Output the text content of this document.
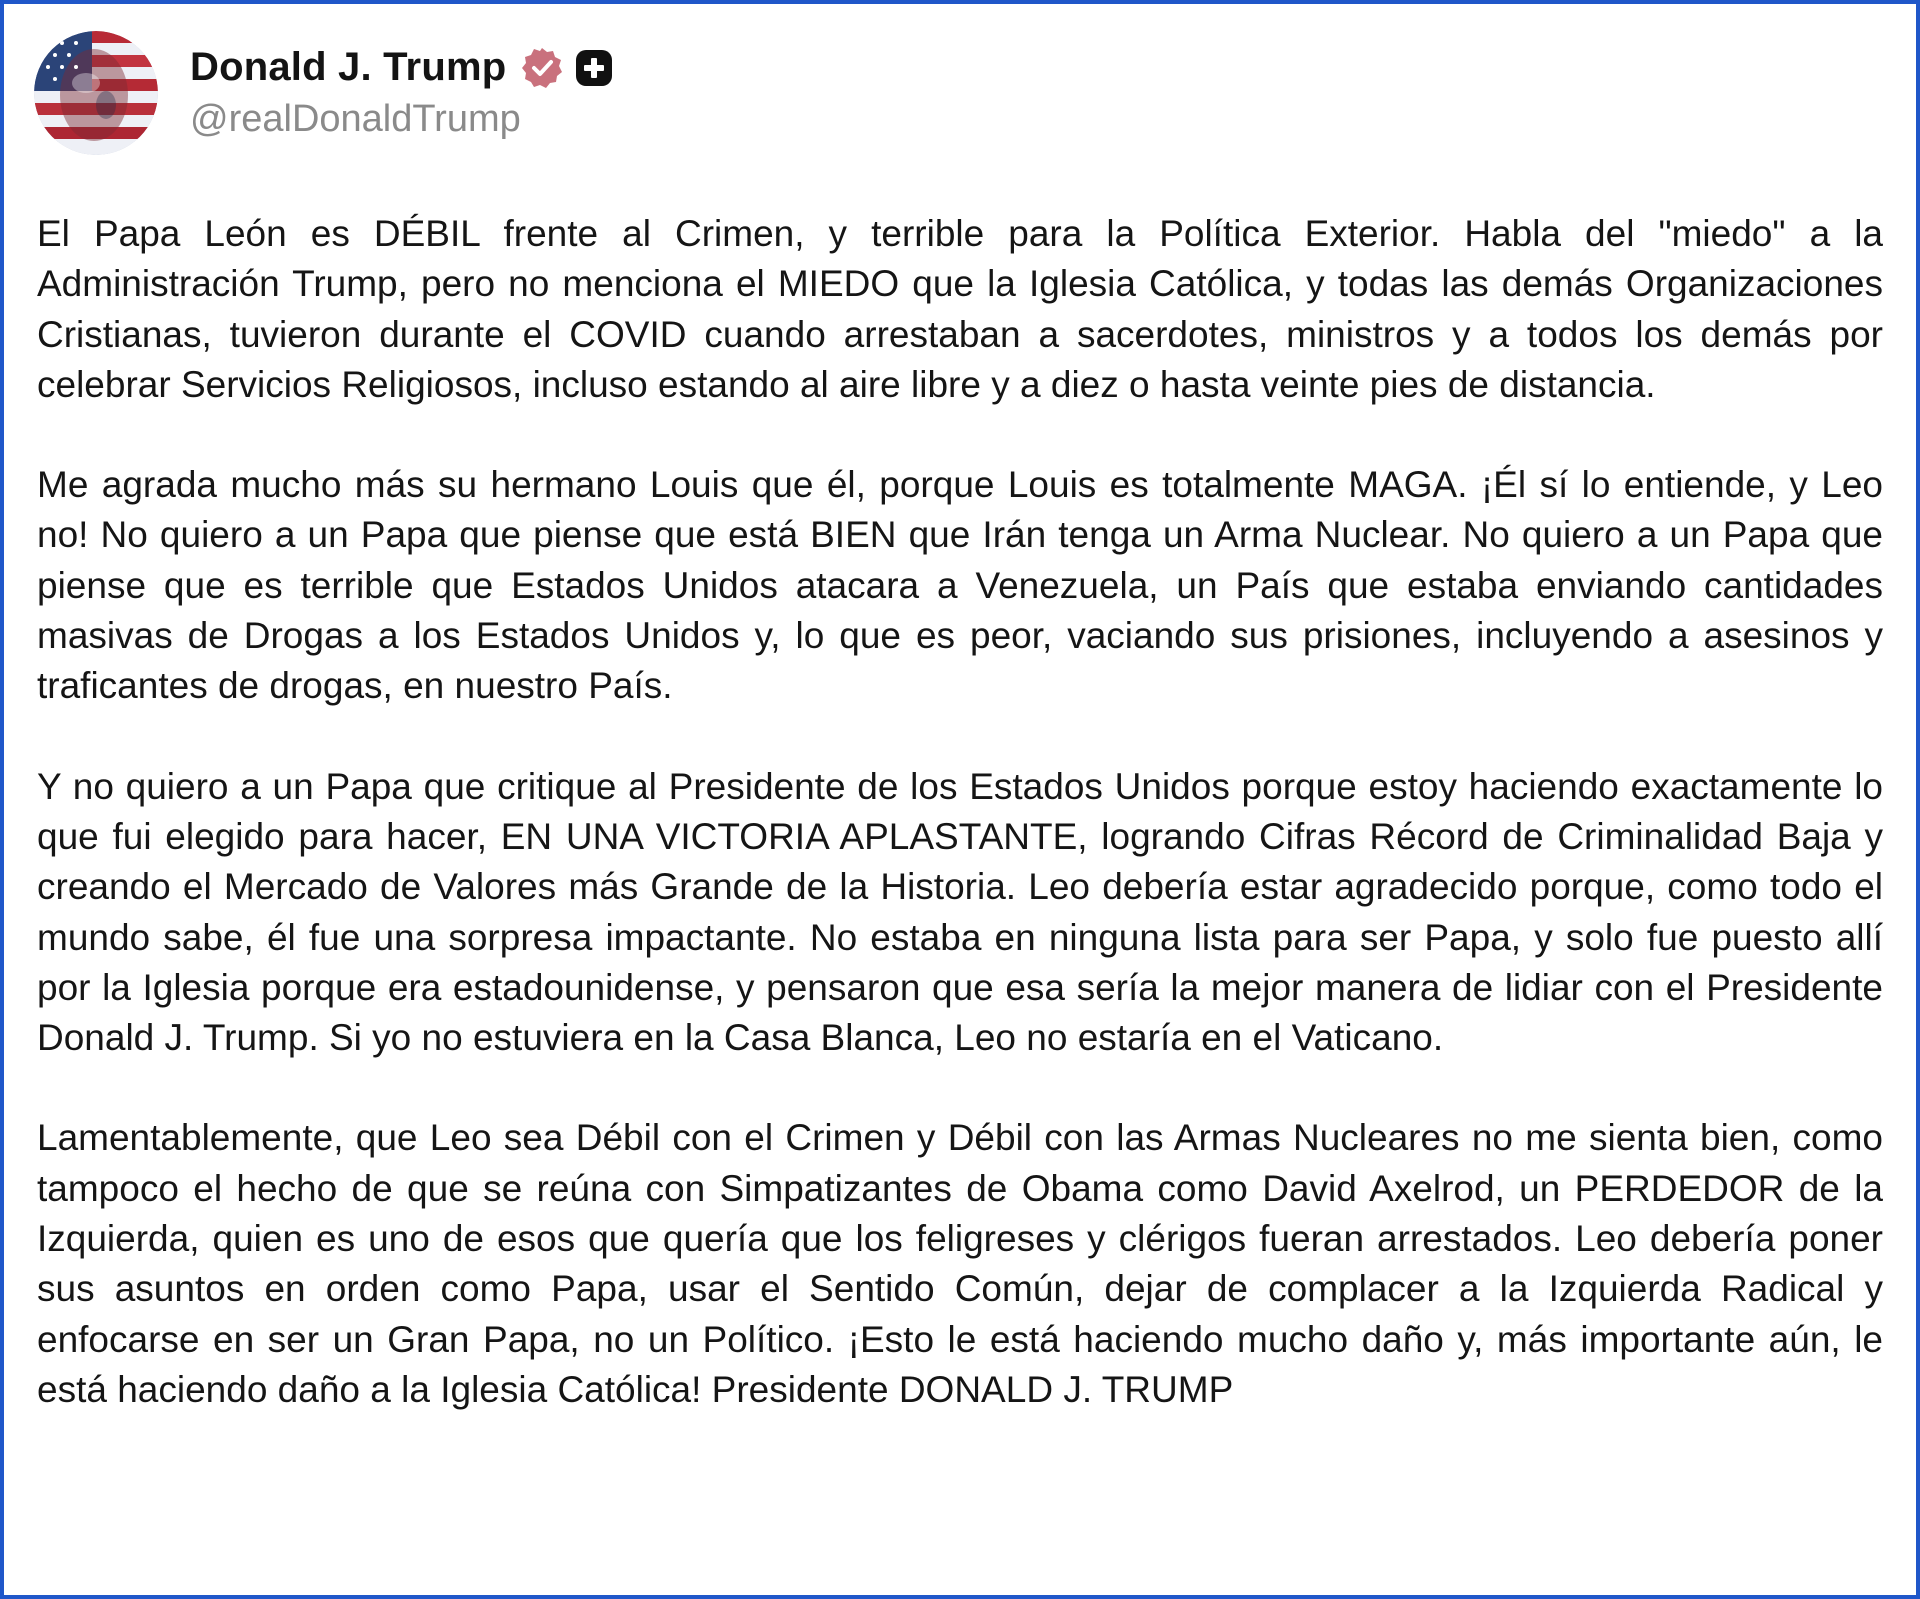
Donald J. Trump
@realDonaldTrump

El Papa León es DÉBIL frente al Crimen, y terrible para la Política Exterior. Habla del "miedo" a la Administración Trump, pero no menciona el MIEDO que la Iglesia Católica, y todas las demás Organizaciones Cristianas, tuvieron durante el COVID cuando arrestaban a sacerdotes, ministros y a todos los demás por celebrar Servicios Religiosos, incluso estando al aire libre y a diez o hasta veinte pies de distancia.

Me agrada mucho más su hermano Louis que él, porque Louis es totalmente MAGA. ¡Él sí lo entiende, y Leo no! No quiero a un Papa que piense que está BIEN que Irán tenga un Arma Nuclear. No quiero a un Papa que piense que es terrible que Estados Unidos atacara a Venezuela, un País que estaba enviando cantidades masivas de Drogas a los Estados Unidos y, lo que es peor, vaciando sus prisiones, incluyendo a asesinos y traficantes de drogas, en nuestro País.

Y no quiero a un Papa que critique al Presidente de los Estados Unidos porque estoy haciendo exactamente lo que fui elegido para hacer, EN UNA VICTORIA APLASTANTE, logrando Cifras Récord de Criminalidad Baja y creando el Mercado de Valores más Grande de la Historia. Leo debería estar agradecido porque, como todo el mundo sabe, él fue una sorpresa impactante. No estaba en ninguna lista para ser Papa, y solo fue puesto allí por la Iglesia porque era estadounidense, y pensaron que esa sería la mejor manera de lidiar con el Presidente Donald J. Trump. Si yo no estuviera en la Casa Blanca, Leo no estaría en el Vaticano.

Lamentablemente, que Leo sea Débil con el Crimen y Débil con las Armas Nucleares no me sienta bien, como tampoco el hecho de que se reúna con Simpatizantes de Obama como David Axelrod, un PERDEDOR de la Izquierda, quien es uno de esos que quería que los feligreses y clérigos fueran arrestados. Leo debería poner sus asuntos en orden como Papa, usar el Sentido Común, dejar de complacer a la Izquierda Radical y enfocarse en ser un Gran Papa, no un Político. ¡Esto le está haciendo mucho daño y, más importante aún, le está haciendo daño a la Iglesia Católica! Presidente DONALD J. TRUMP
